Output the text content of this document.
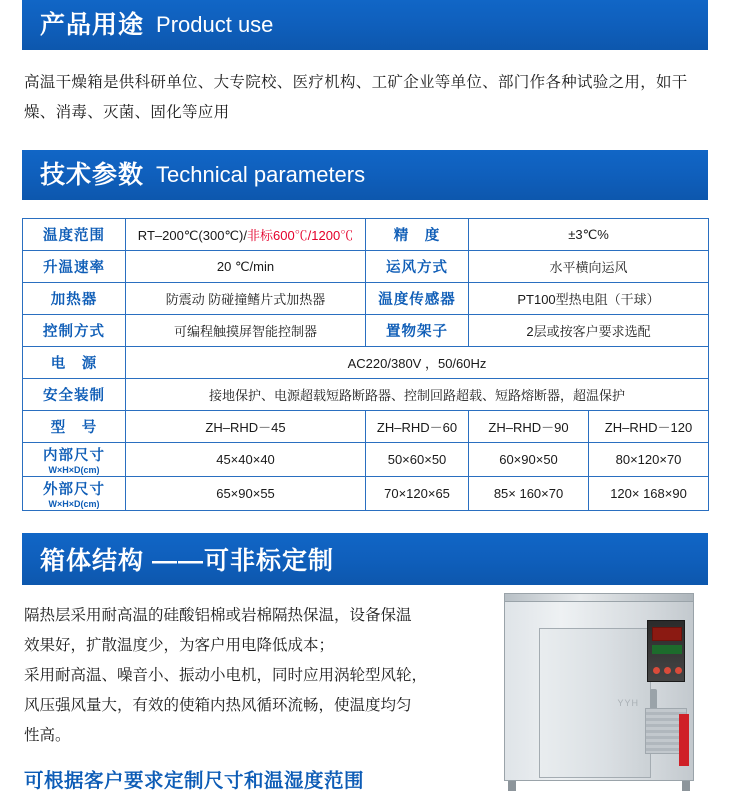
产品用途 Product use
高温干燥箱是供科研单位、大专院校、医疗机构、工矿企业等单位、部门作各种试验之用，如干燥、消毒、灭菌、固化等应用
技术参数 Technical parameters
温度范围	RT–200℃(300℃)/非标600℃/1200℃	精　度	±3℃%	
升温速率	20 ℃/min	运风方式	水平横向运风	
加热器	防震动 防碰撞鳍片式加热器	温度传感器	PT100型热电阻（干球）	
控制方式	可编程触摸屏智能控制器	置物架子	2层或按客户要求选配	
电　源	AC220/380V ，50/60Hz			
安全装制	接地保护、电源超载短路断路器、控制回路超载、短路熔断器，超温保护			
型　号	ZH–RHD－45	ZH–RHD－60	ZH–RHD－90	ZH–RHD－120
内部尺寸
W×H×D(cm)	45×40×40	50×60×50	60×90×50	80×120×70
外部尺寸
W×H×D(cm)	65×90×55	70×120×65	85× 160×70	120× 168×90
箱体结构 ——可非标定制
隔热层采用耐高温的硅酸铝棉或岩棉隔热保温，设备保温
效果好，扩散温度少，为客户用电降低成本；
采用耐高温、噪音小、振动小电机，同时应用涡轮型风轮，
风压强风量大，有效的使箱内热风循环流畅，使温度均匀
性高。
可根据客户要求定制尺寸和温湿度范围
YYH
